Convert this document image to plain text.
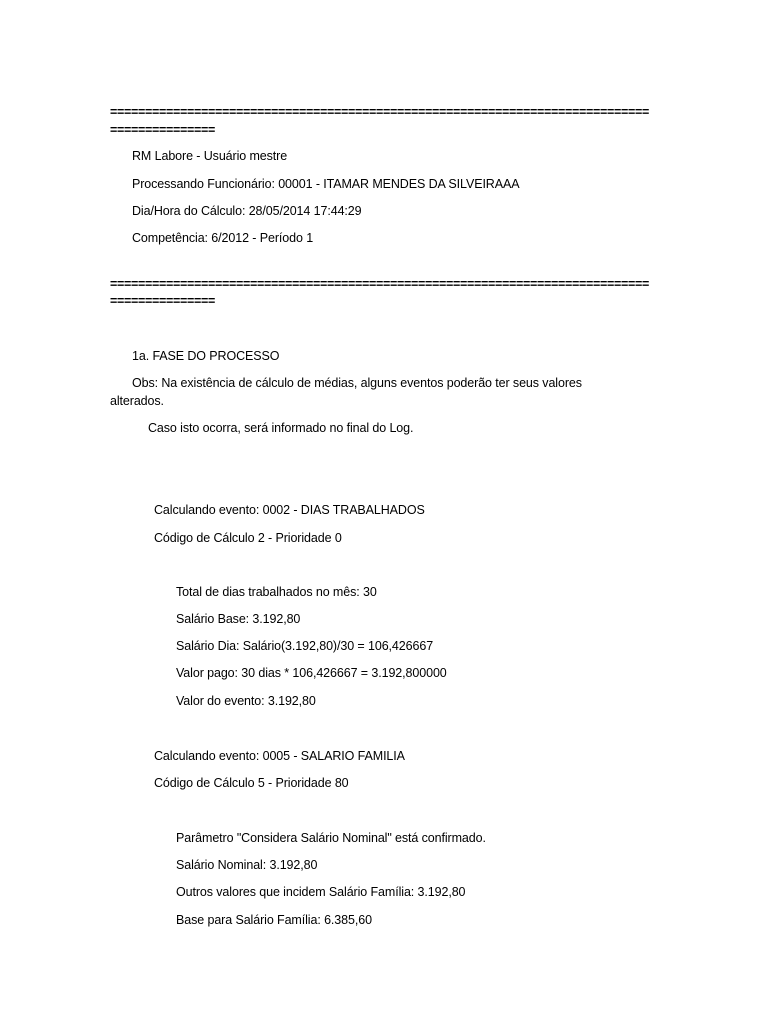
=============================================================================
===============
RM Labore - Usuário mestre
Processando Funcionário: 00001 - ITAMAR MENDES DA SILVEIRAAA
Dia/Hora do Cálculo: 28/05/2014 17:44:29
Competência: 6/2012 - Período 1
=============================================================================
===============
1a. FASE DO PROCESSO
Obs: Na existência de cálculo de médias, alguns eventos poderão ter seus valores
alterados.
Caso isto ocorra, será informado no final do Log.
Calculando evento: 0002 - DIAS TRABALHADOS
Código de Cálculo 2 - Prioridade 0
Total de dias trabalhados no mês: 30
Salário Base: 3.192,80
Salário Dia: Salário(3.192,80)/30 = 106,426667
Valor pago: 30 dias * 106,426667 = 3.192,800000
Valor do evento: 3.192,80
Calculando evento: 0005 - SALARIO FAMILIA
Código de Cálculo 5 - Prioridade 80
Parâmetro "Considera Salário Nominal" está confirmado.
Salário Nominal: 3.192,80
Outros valores que incidem Salário Família: 3.192,80
Base para Salário Família: 6.385,60
